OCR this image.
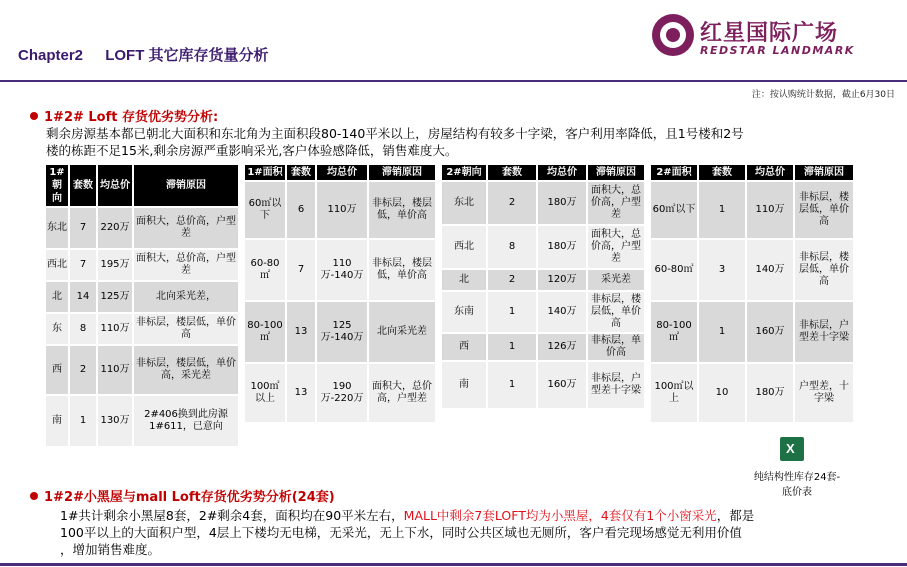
Chapter2 LOFT 其它库存货量分析
红星国际广场
REDSTAR LANDMARK
注：按认购统计数据，截止6月30日
1#2# Loft 存货优劣势分析:
剩余房源基本都已朝北大面积和东北角为主面积段80-140平米以上，房屋结构有较多十字梁，客户利用率降低，且1号楼和2号
楼的栋距不足15米,剩余房源严重影响采光,客户体验感降低，销售难度大。
1#朝向	套数	均总价	滞销原因
东北	7	220万	面积大，总价高，户型差
西北	7	195万	面积大，总价高，户型差
北	14	125万	北向采光差，
东	8	110万	非标层，楼层低，单价高
西	2	110万	非标层，楼层低，单价高，采光差
南	1	130万	2#406换到此房源1#611，已意向
1#面积	套数	均总价	滞销原因
60㎡以下	6	110万	非标层，楼层低，单价高
60-80㎡	7	110万-140万	非标层，楼层低，单价高
80-100㎡	13	125万-140万	北向采光差
100㎡以上	13	190万-220万	面积大，总价高，户型差
2#朝向	套数	均总价	滞销原因
东北	2	180万	面积大，总价高，户型差
西北	8	180万	面积大，总价高，户型差
北	2	120万	采光差
东南	1	140万	非标层，楼层低，单价高
西	1	126万	非标层，单价高
南	1	160万	非标层，户型差十字梁
2#面积	套数	均总价	滞销原因
60㎡以下	1	110万	非标层，楼层低，单价高
60-80㎡	3	140万	非标层，楼层低，单价高
80-100㎡	1	160万	非标层，户型差十字梁
100㎡以上	10	180万	户型差，十字梁
X
纯结构性库存24套-底价表
1#2#小黑屋与mall Loft存货优劣势分析(24套)
1#共计剩余小黑屋8套，2#剩余4套，面积均在90平米左右，MALL中剩余7套LOFT均为小黑屋，4套仅有1个小窗采光，都是
100平以上的大面积户型，4层上下楼均无电梯，无采光，无上下水，同时公共区域也无厕所，客户看完现场感觉无利用价值
，增加销售难度。
